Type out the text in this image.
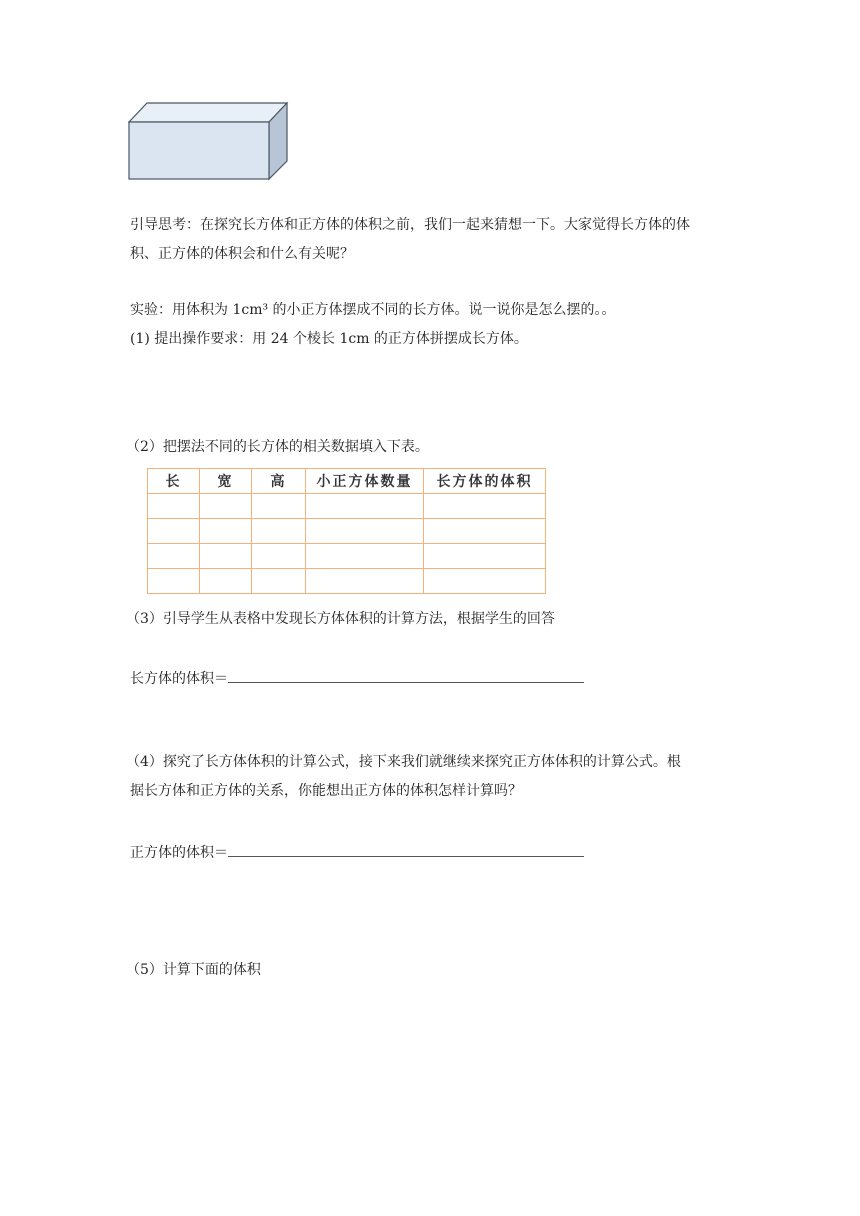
引导思考：在探究长方体和正方体的体积之前，我们一起来猜想一下。大家觉得长方体的体
积、正方体的体积会和什么有关呢？
实验：用体积为 1cm³ 的小正方体摆成不同的长方体。说一说你是怎么摆的。。
(1) 提出操作要求：用 24 个棱长 1cm 的正方体拼摆成长方体。
（2）把摆法不同的长方体的相关数据填入下表。
长	宽	高	小正方体数量	长方体的体积

（3）引导学生从表格中发现长方体体积的计算方法，根据学生的回答
长方体的体积＝
（4）探究了长方体体积的计算公式，接下来我们就继续来探究正方体体积的计算公式。根
据长方体和正方体的关系，你能想出正方体的体积怎样计算吗？
正方体的体积＝
（5）计算下面的体积
